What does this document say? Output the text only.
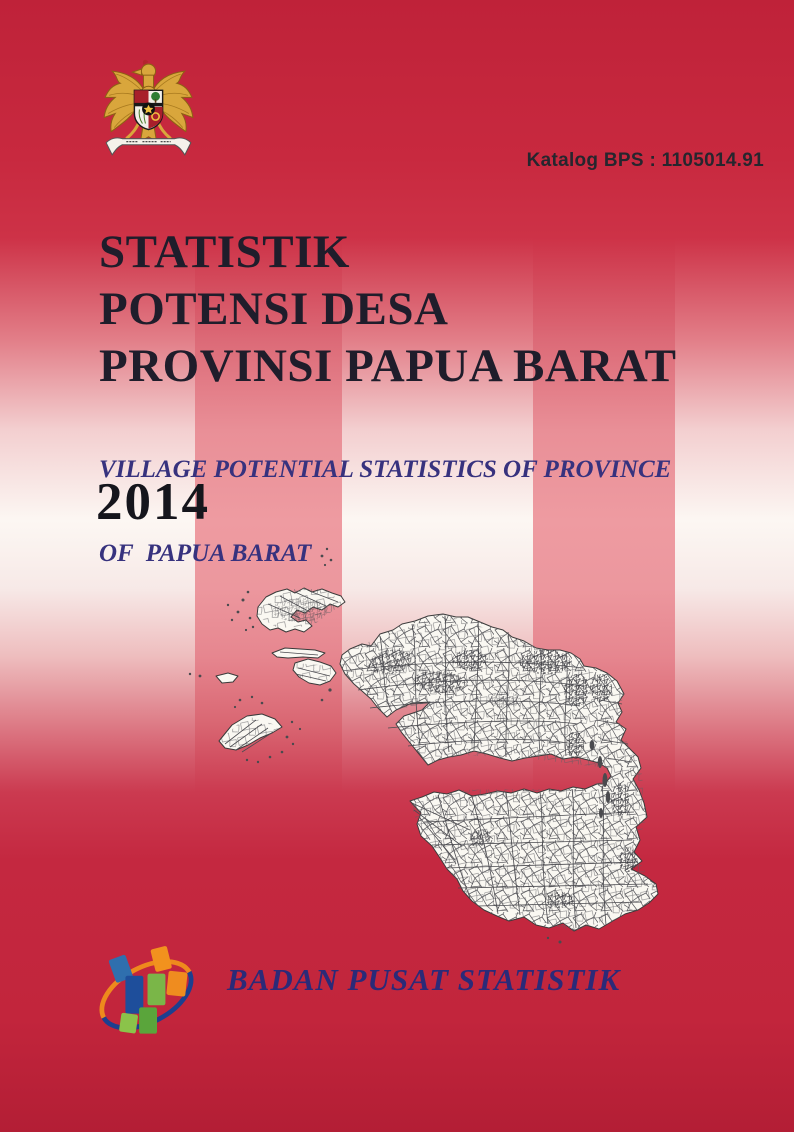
Katalog BPS : 1105014.91
STATISTIK
POTENSI DESA
PROVINSI PAPUA BARAT

VILLAGE POTENTIAL STATISTICS OF PROVINCE

OF  PAPUA BARAT

2014
BADAN PUSAT STATISTIK
